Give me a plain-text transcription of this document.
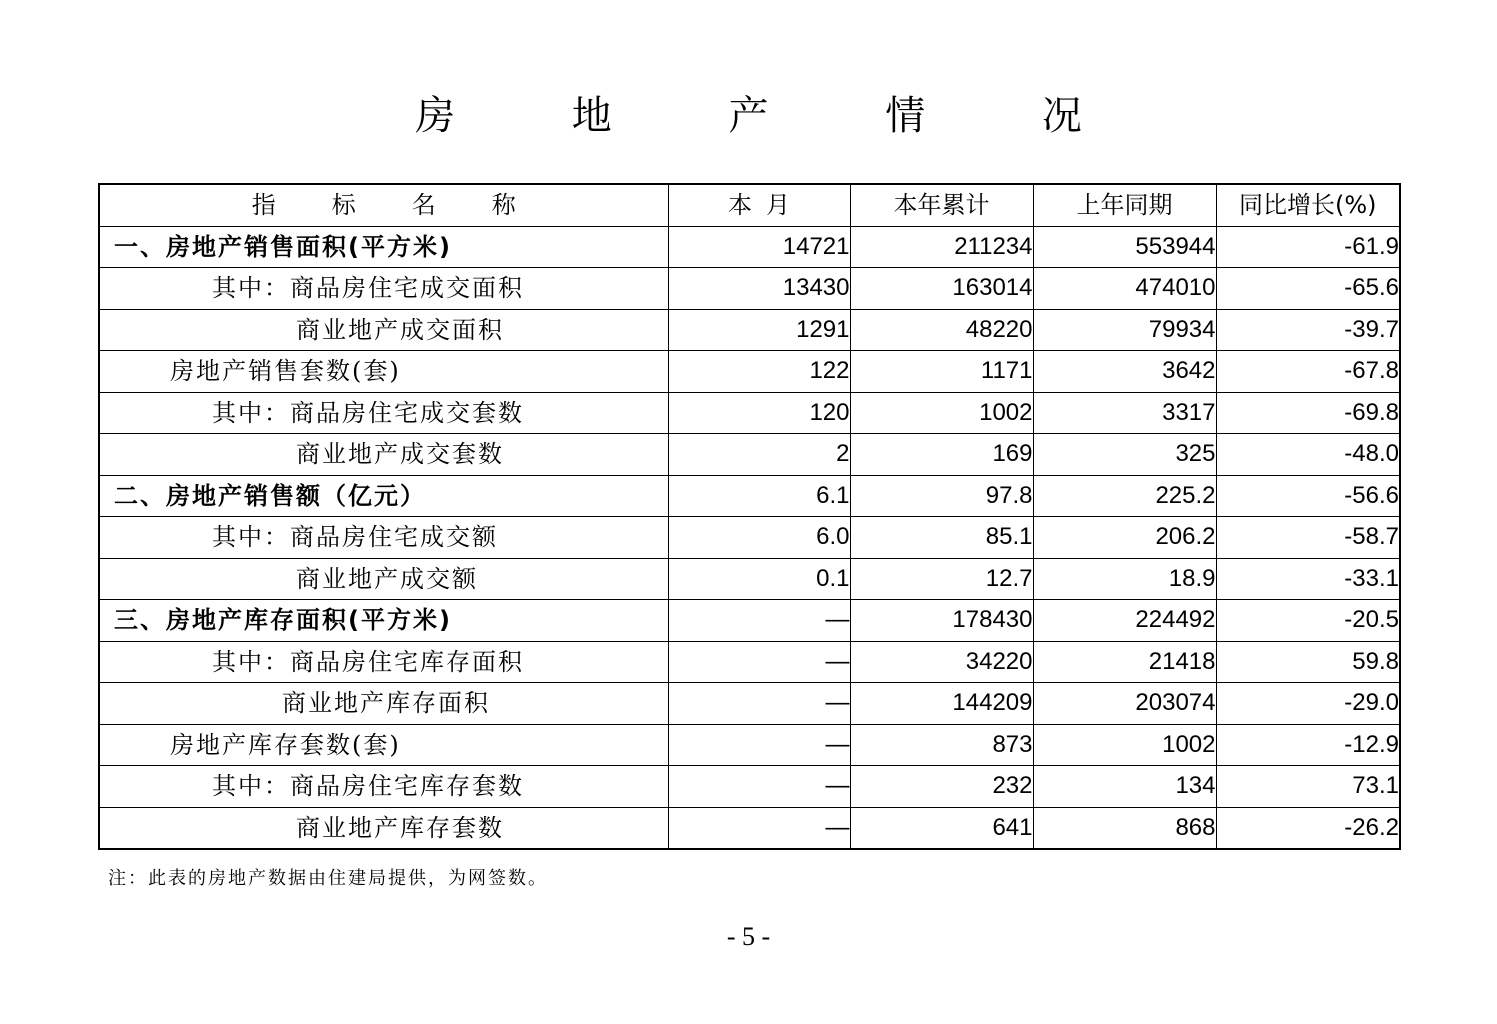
房 地 产 情 况
指标名称	本月	本年累计	上年同期	同比增长(%)
一、房地产销售面积(平方米)	14721	211234	553944	-61.9
其中：商品房住宅成交面积	13430	163014	474010	-65.6
商业地产成交面积	1291	48220	79934	-39.7
房地产销售套数(套)	122	1171	3642	-67.8
其中：商品房住宅成交套数	120	1002	3317	-69.8
商业地产成交套数	2	169	325	-48.0
二、房地产销售额（亿元）	6.1	97.8	225.2	-56.6
其中：商品房住宅成交额	6.0	85.1	206.2	-58.7
商业地产成交额	0.1	12.7	18.9	-33.1
三、房地产库存面积(平方米)	—	178430	224492	-20.5
其中：商品房住宅库存面积	—	34220	21418	59.8
商业地产库存面积	—	144209	203074	-29.0
房地产库存套数(套)	—	873	1002	-12.9
其中：商品房住宅库存套数	—	232	134	73.1
商业地产库存套数	—	641	868	-26.2
注：此表的房地产数据由住建局提供，为网签数。
- 5 -
